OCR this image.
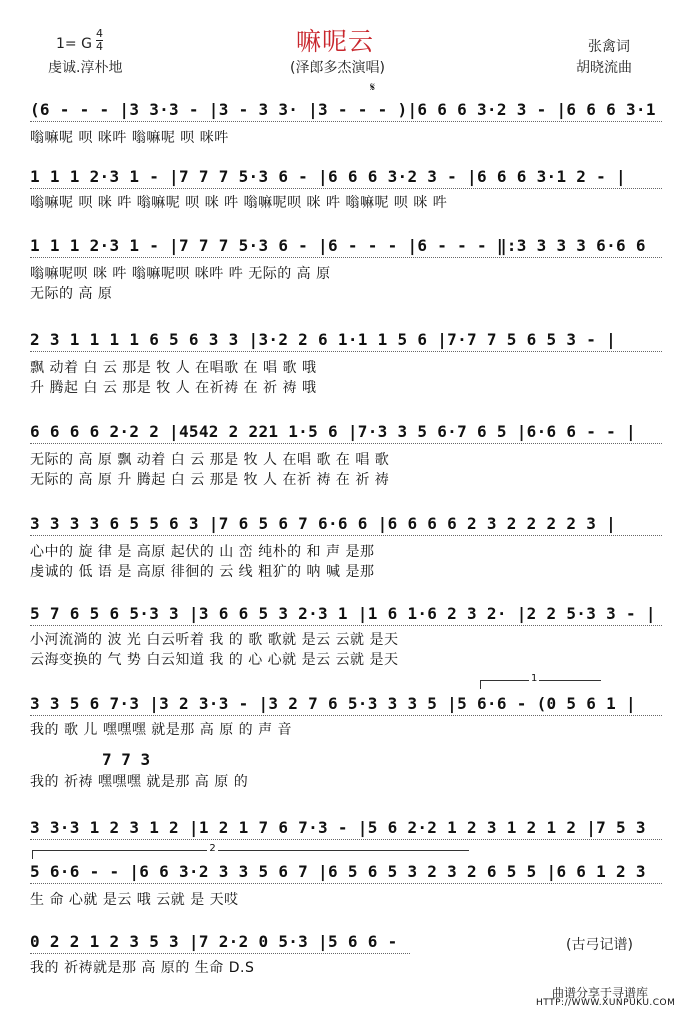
嘛呢云
1= G
4
4
虔诚.淳朴地	(泽郎多杰演唱)
张禽词
胡晓流曲
𝄋
(6 - - - |3 3·3 - |3 - 3 3· |3 - - - )|6 6 6 3·2 3 - |6 6 6 3·1
嗡嘛呢 呗 咪吽 嗡嘛呢 呗 咪吽
1 1 1 2·3 1 - |7 7 7 5·3 6 - |6 6 6 3·2 3 - |6 6 6 3·1 2 - |
嗡嘛呢 呗 咪 吽 嗡嘛呢 呗 咪 吽 嗡嘛呢呗 咪 吽 嗡嘛呢 呗 咪 吽
1 1 1 2·3 1 - |7 7 7 5·3 6 - |6 - - - |6 - - - ‖:3 3 3 3 6·6 6
嗡嘛呢呗 咪 吽 嗡嘛呢呗 咪吽 吽 无际的 高 原
无际的 高 原
2 3 1 1 1 1 6 5 6 3 3 |3·2 2 6 1·1 1 5 6 |7·7 7 5 6 5 3 - |
飘 动着 白 云 那是 牧 人 在唱歌 在 唱 歌 哦
升 腾起 白 云 那是 牧 人 在祈祷 在 祈 祷 哦
6 6 6 6 2·2 2 |4542 2 221 1·5 6 |7·3 3 5 6·7 6 5 |6·6 6 - - |
无际的 高 原 飘 动着 白 云 那是 牧 人 在唱 歌 在 唱 歌
无际的 高 原 升 腾起 白 云 那是 牧 人 在祈 祷 在 祈 祷
3 3 3 3 6 5 5 6 3 |7 6 5 6 7 6·6 6 |6 6 6 6 2 3 2 2 2 2 3 |
心中的 旋 律 是 高原 起伏的 山 峦 纯朴的 和 声 是那
虔诚的 低 语 是 高原 徘徊的 云 线 粗犷的 呐 喊 是那
5 7 6 5 6 5·3 3 |3 6 6 5 3 2·3 1 |1 6 1·6 2 3 2· |2 2 5·3 3 - |
小河流淌的 波 光 白云听着 我 的 歌 歌就 是云 云就 是天
云海变换的 气 势 白云知道 我 的 心 心就 是云 云就 是天
1
3 3 5 6 7·3 |3 2 3·3 - |3 2 7 6 5·3 3 3 5 |5 6·6 - (0 5 6 1 |
我的 歌 儿 嘿嘿嘿 就是那 高 原 的 声 音
7 7 3
我的 祈祷 嘿嘿嘿 就是那 高 原 的
3 3·3 1 2 3 1 2 |1 2 1 7 6 7·3 - |5 6 2·2 1 2 3 1 2 1 2 |7 5 3
2
5 6·6 - - |6 6 3·2 3 3 5 6 7 |6 5 6 5 3 2 3 2 6 5 5 |6 6 1 2 3
生 命 心就 是云 哦 云就 是 天哎
0 2 2 1 2 3 5 3 |7 2·2 0 5·3 |5 6 6 -
我的 祈祷就是那 高 原的 生命 D.S
(古弓记谱)
曲谱分享于寻谱库
HTTP://WWW.XUNPUKU.COM
